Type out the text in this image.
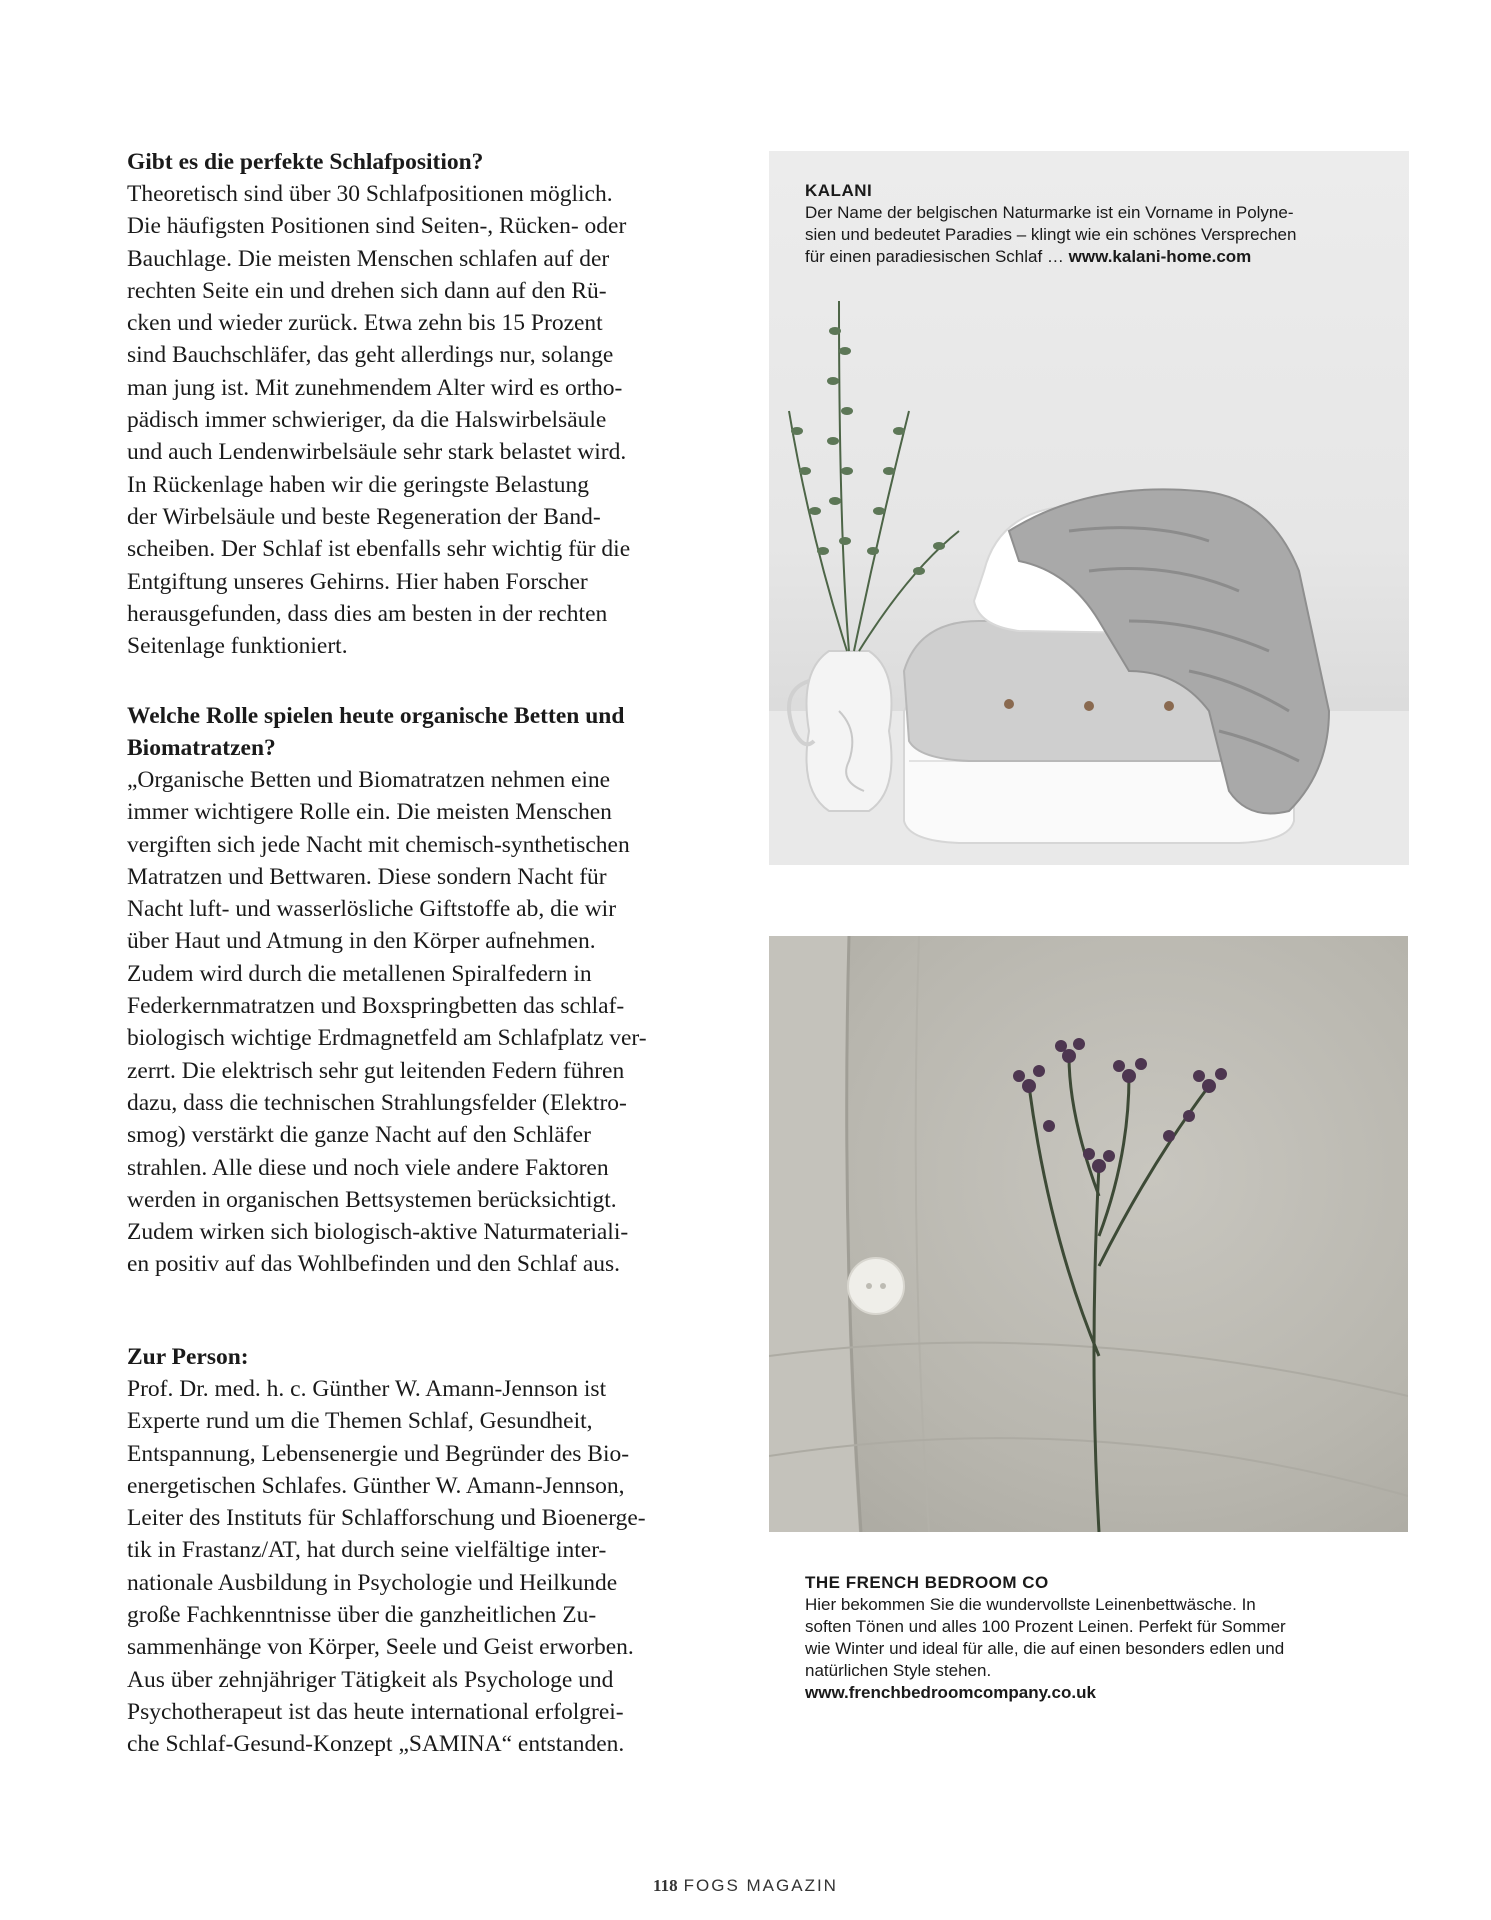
Gibt es die perfekte Schlafposition?

Theoretisch sind über 30 Schlafpositionen möglich.
Die häufigsten Positionen sind Seiten-, Rücken- oder
Bauchlage. Die meisten Menschen schlafen auf der
rechten Seite ein und drehen sich dann auf den Rü-
cken und wieder zurück. Etwa zehn bis 15 Prozent
sind Bauchschläfer, das geht allerdings nur, solange
man jung ist. Mit zunehmendem Alter wird es ortho-
pädisch immer schwieriger, da die Halswirbelsäule
und auch Lendenwirbelsäule sehr stark belastet wird.
In Rückenlage haben wir die geringste Belastung
der Wirbelsäule und beste Regeneration der Band-
scheiben. Der Schlaf ist ebenfalls sehr wichtig für die
Entgiftung unseres Gehirns. Hier haben Forscher
herausgefunden, dass dies am besten in der rechten
Seitenlage funktioniert.

Welche Rolle spielen heute organische Betten und
Biomatratzen?

„Organische Betten und Biomatratzen nehmen eine
immer wichtigere Rolle ein. Die meisten Menschen
vergiften sich jede Nacht mit chemisch-synthetischen
Matratzen und Bettwaren. Diese sondern Nacht für
Nacht luft- und wasserlösliche Giftstoffe ab, die wir
über Haut und Atmung in den Körper aufnehmen.
Zudem wird durch die metallenen Spiralfedern in
Federkernmatratzen und Boxspringbetten das schlaf-
biologisch wichtige Erdmagnetfeld am Schlafplatz ver-
zerrt. Die elektrisch sehr gut leitenden Federn führen
dazu, dass die technischen Strahlungsfelder (Elektro-
smog) verstärkt die ganze Nacht auf den Schläfer
strahlen. Alle diese und noch viele andere Faktoren
werden in organischen Bettsystemen berücksichtigt.
Zudem wirken sich biologisch-aktive Naturmateriali-
en positiv auf das Wohlbefinden und den Schlaf aus.

Zur Person:

Prof. Dr. med. h. c. Günther W. Amann-Jennson ist
Experte rund um die Themen Schlaf, Gesundheit,
Entspannung, Lebensenergie und Begründer des Bio-
energetischen Schlafes. Günther W. Amann-Jennson,
Leiter des Instituts für Schlafforschung und Bioenerge-
tik in Frastanz/AT, hat durch seine vielfältige inter-
nationale Ausbildung in Psychologie und Heilkunde
große Fachkenntnisse über die ganzheitlichen Zu-
sammenhänge von Körper, Seele und Geist erworben.
Aus über zehnjähriger Tätigkeit als Psychologe und
Psychotherapeut ist das heute international erfolgrei-
che Schlaf-Gesund-Konzept „SAMINA“ entstanden.

KALANI

Der Name der belgischen Naturmarke ist ein Vorname in Polyne-
sien und bedeutet Paradies – klingt wie ein schönes Versprechen
für einen paradiesischen Schlaf … www.kalani-home.com

THE FRENCH BEDROOM CO

Hier bekommen Sie die wundervollste Leinenbettwäsche. In
soften Tönen und alles 100 Prozent Leinen. Perfekt für Sommer
wie Winter und ideal für alle, die auf einen besonders edlen und
natürlichen Style stehen.
www.frenchbedroomcompany.co.uk
118 FOGS MAGAZIN
